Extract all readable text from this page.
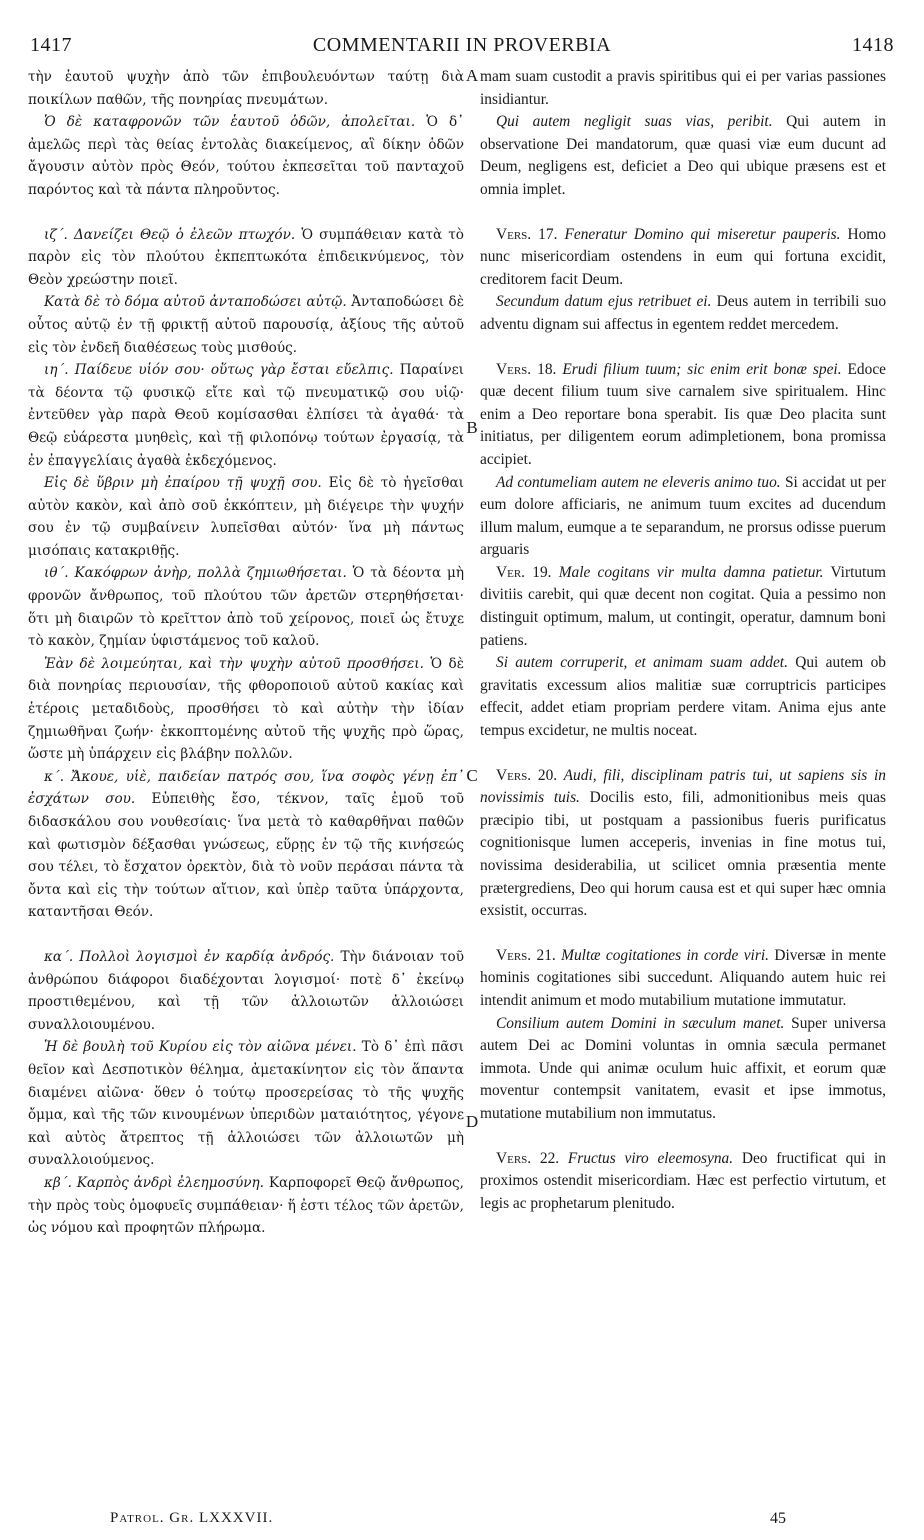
1417	COMMENTARII IN PROVERBIA	1418

τὴν ἑαυτοῦ ψυχὴν ἀπὸ τῶν ἐπιβουλευόντων ταύτῃ διὰ ποικίλων παθῶν, τῆς πονηρίας πνευμάτων.

Ὁ δὲ καταφρονῶν τῶν ἑαυτοῦ ὁδῶν, ἀπολεῖται. Ὁ δ᾽ ἀμελῶς περὶ τὰς θείας ἐντολὰς διακείμενος, αἳ δίκην ὁδῶν ἄγουσιν αὐτὸν πρὸς Θεόν, τούτου ἐκπεσεῖται τοῦ πανταχοῦ παρόντος καὶ τὰ πάντα πληροῦντος.

ιζ΄. Δανείζει Θεῷ ὁ ἐλεῶν πτωχόν. Ὁ συμπάθειαν κατὰ τὸ παρὸν εἰς τὸν πλούτου ἐκπεπτωκότα ἐπιδεικνύμενος, τὸν Θεὸν χρεώστην ποιεῖ.

Κατὰ δὲ τὸ δόμα αὐτοῦ ἀνταποδώσει αὐτῷ. Ἀνταποδώσει δὲ οὗτος αὐτῷ ἐν τῇ φρικτῇ αὐτοῦ παρουσίᾳ, ἀξίους τῆς αὐτοῦ εἰς τὸν ἐνδεῆ διαθέσεως τοὺς μισθούς.

ιη΄. Παίδευε υἱόν σου· οὕτως γὰρ ἔσται εὔελπις. Παραίνει τὰ δέοντα τῷ φυσικῷ εἴτε καὶ τῷ πνευματικῷ σου υἱῷ· ἐντεῦθεν γὰρ παρὰ Θεοῦ κομίσασθαι ἐλπίσει τὰ ἀγαθά· τὰ Θεῷ εὐάρεστα μυηθεὶς, καὶ τῇ φιλοπόνῳ τούτων ἐργασίᾳ, τὰ ἐν ἐπαγγελίαις ἀγαθὰ ἐκδεχόμενος.

Εἰς δὲ ὕβριν μὴ ἐπαίρου τῇ ψυχῇ σου. Εἰς δὲ τὸ ἡγεῖσθαι αὐτὸν κακὸν, καὶ ἀπὸ σοῦ ἐκκόπτειν, μὴ διέγειρε τὴν ψυχήν σου ἐν τῷ συμβαίνειν λυπεῖσθαι αὐτόν· ἵνα μὴ πάντως μισόπαις κατακριθῇς.

ιθ΄. Κακόφρων ἀνὴρ, πολλὰ ζημιωθήσεται. Ὁ τὰ δέοντα μὴ φρονῶν ἄνθρωπος, τοῦ πλούτου τῶν ἀρετῶν στερηθήσεται· ὅτι μὴ διαιρῶν τὸ κρεῖττον ἀπὸ τοῦ χείρονος, ποιεῖ ὡς ἔτυχε τὸ κακὸν, ζημίαν ὑφιστάμενος τοῦ καλοῦ.

Ἐὰν δὲ λοιμεύηται, καὶ τὴν ψυχὴν αὐτοῦ προσθήσει. Ὁ δὲ διὰ πονηρίας περιουσίαν, τῆς φθοροποιοῦ αὐτοῦ κακίας καὶ ἑτέροις μεταδιδοὺς, προσθήσει τὸ καὶ αὐτὴν τὴν ἰδίαν ζημιωθῆναι ζωήν· ἐκκοπτομένης αὐτοῦ τῆς ψυχῆς πρὸ ὥρας, ὥστε μὴ ὑπάρχειν εἰς βλάβην πολλῶν.

κ΄. Ἄκουε, υἱὲ, παιδείαν πατρός σου, ἵνα σοφὸς γένῃ ἐπ᾽ ἐσχάτων σου. Εὐπειθὴς ἔσο, τέκνον, ταῖς ἐμοῦ τοῦ διδασκάλου σου νουθεσίαις· ἵνα μετὰ τὸ καθαρθῆναι παθῶν καὶ φωτισμὸν δέξασθαι γνώσεως, εὕρῃς ἐν τῷ τῆς κινήσεώς σου τέλει, τὸ ἔσχατον ὀρεκτὸν, διὰ τὸ νοῦν περάσαι πάντα τὰ ὄντα καὶ εἰς τὴν τούτων αἴτιον, καὶ ὑπὲρ ταῦτα ὑπάρχοντα, καταντῆσαι Θεόν.

κα΄. Πολλοὶ λογισμοὶ ἐν καρδίᾳ ἀνδρός. Τὴν διάνοιαν τοῦ ἀνθρώπου διάφοροι διαδέχονται λογισμοί· ποτὲ δ᾽ ἐκείνῳ προστιθεμένου, καὶ τῇ τῶν ἀλλοιωτῶν ἀλλοιώσει συναλλοιουμένου.

Ἡ δὲ βουλὴ τοῦ Κυρίου εἰς τὸν αἰῶνα μένει. Τὸ δ᾽ ἐπὶ πᾶσι θεῖον καὶ Δεσποτικὸν θέλημα, ἀμετακίνητον εἰς τὸν ἅπαντα διαμένει αἰῶνα· ὅθεν ὁ τούτῳ προσερείσας τὸ τῆς ψυχῆς ὄμμα, καὶ τῆς τῶν κινουμένων ὑπεριδὼν ματαιότητος, γέγονε καὶ αὐτὸς ἄτρεπτος τῇ ἀλλοιώσει τῶν ἀλλοιωτῶν μὴ συναλλοιούμενος.

κβ΄. Καρπὸς ἀνδρὶ ἐλεημοσύνη. Καρποφορεῖ Θεῷ ἄνθρωπος, τὴν πρὸς τοὺς ὁμοφυεῖς συμπάθειαν· ἥ ἐστι τέλος τῶν ἀρετῶν, ὡς νόμου καὶ προφητῶν πλήρωμα.

A
B
C
D

mam suam custodit a pravis spiritibus qui ei per varias passiones insidiantur.

Qui autem negligit suas vias, peribit. Qui autem in observatione Dei mandatorum, quæ quasi viæ eum ducunt ad Deum, negligens est, deficiet a Deo qui ubique præsens est et omnia implet.

Vers. 17. Feneratur Domino qui miseretur pauperis. Homo nunc misericordiam ostendens in eum qui fortuna excidit, creditorem facit Deum.

Secundum datum ejus retribuet ei. Deus autem in terribili suo adventu dignam sui affectus in egentem reddet mercedem.

Vers. 18. Erudi filium tuum; sic enim erit bonæ spei. Edoce quæ decent filium tuum sive carnalem sive spiritualem. Hinc enim a Deo reportare bona sperabit. Iis quæ Deo placita sunt initiatus, per diligentem eorum adimpletionem, bona promissa accipiet.

Ad contumeliam autem ne eleveris animo tuo. Si accidat ut per eum dolore afficiaris, ne animum tuum excites ad ducendum illum malum, eumque a te separandum, ne prorsus odisse puerum arguaris

Ver. 19. Male cogitans vir multa damna patietur. Virtutum divitiis carebit, qui quæ decent non cogitat. Quia a pessimo non distinguit optimum, malum, ut contingit, operatur, damnum boni patiens.

Si autem corruperit, et animam suam addet. Qui autem ob gravitatis excessum alios malitiæ suæ corruptricis participes effecit, addet etiam propriam perdere vitam. Anima ejus ante tempus excidetur, ne multis noceat.

Vers. 20. Audi, fili, disciplinam patris tui, ut sapiens sis in novissimis tuis. Docilis esto, fili, admonitionibus meis quas præcipio tibi, ut postquam a passionibus fueris purificatus cognitionisque lumen acceperis, invenias in fine motus tui, novissima desiderabilia, ut scilicet omnia præsentia mente prætergrediens, Deo qui horum causa est et qui super hæc omnia exsistit, occurras.

Vers. 21. Multæ cogitationes in corde viri. Diversæ in mente hominis cogitationes sibi succedunt. Aliquando autem huic rei intendit animum et modo mutabilium mutatione immutatur.

Consilium autem Domini in sæculum manet. Super universa autem Dei ac Domini voluntas in omnia sæcula permanet immota. Unde qui animæ oculum huic affixit, et eorum quæ moventur contempsit vanitatem, evasit et ipse immotus, mutatione mutabilium non immutatus.

Vers. 22. Fructus viro eleemosyna. Deo fructificat qui in proximos ostendit misericordiam. Hæc est perfectio virtutum, et legis ac prophetarum plenitudo.

Patrol. Gr. LXXXVII.	45
